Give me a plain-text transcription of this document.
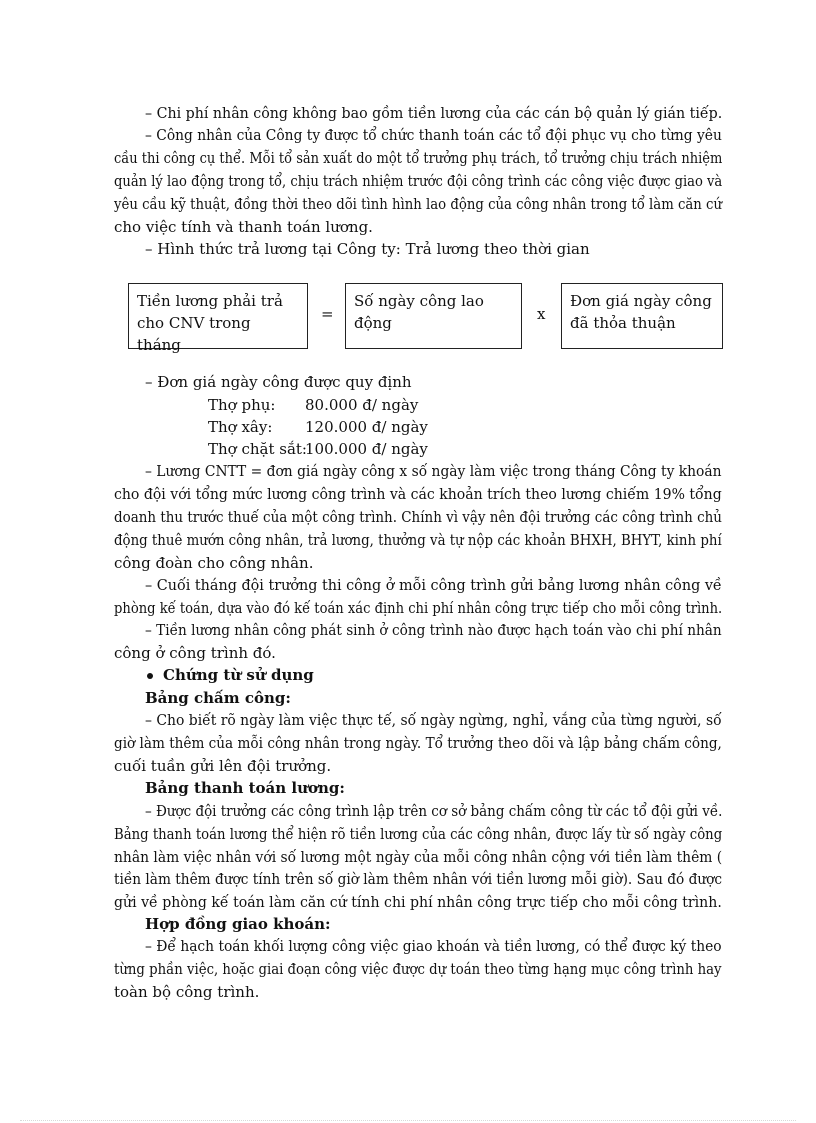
– Chi phí nhân công không bao gồm tiền lương của các cán bộ quản lý gián tiếp.
– Công nhân của Công ty được tổ chức thanh toán các tổ đội phục vụ cho từng yêu
cầu thi công cụ thể. Mỗi tổ sản xuất do một tổ trưởng phụ trách, tổ trưởng chịu trách nhiệm
quản lý lao động trong tổ, chịu trách nhiệm trước đội công trình các công việc được giao và
yêu cầu kỹ thuật, đồng thời theo dõi tình hình lao động của công nhân trong tổ làm căn cứ
cho việc tính và thanh toán lương.
– Hình thức trả lương tại Công ty: Trả lương theo thời gian
Tiền lương phải trả
cho CNV trong tháng
=
Số ngày công lao động	x
Đơn giá ngày công
đã thỏa thuận
– Đơn giá ngày công được quy định
Thợ phụ: 80.000 đ/ ngày
Thợ xây: 120.000 đ/ ngày
Thợ chặt sắt:
100.000 đ/ ngày
– Lương CNTT = đơn giá ngày công x số ngày làm việc trong tháng Công ty khoán
cho đội với tổng mức lương công trình và các khoản trích theo lương chiếm 19% tổng
doanh thu trước thuế của một công trình. Chính vì vậy nên đội trưởng các công trình chủ
động thuê mướn công nhân, trả lương, thưởng và tự nộp các khoản BHXH, BHYT, kinh phí
công đoàn cho công nhân.
– Cuối tháng đội trưởng thi công ở mỗi công trình gửi bảng lương nhân công về
phòng kế toán, dựa vào đó kế toán xác định chi phí nhân công trực tiếp cho mỗi công trình.
– Tiền lương nhân công phát sinh ở công trình nào được hạch toán vào chi phí nhân
công ở công trình đó.
Chứng từ sử dụng
Bảng chấm công:
– Cho biết rõ ngày làm việc thực tế, số ngày ngừng, nghỉ, vắng của từng người, số
giờ làm thêm của mỗi công nhân trong ngày. Tổ trưởng theo dõi và lập bảng chấm công,
cuối tuần gửi lên đội trưởng.
Bảng thanh toán lương:
– Được đội trưởng các công trình lập trên cơ sở bảng chấm công từ các tổ đội gửi về.
Bảng thanh toán lương thể hiện rõ tiền lương của các công nhân, được lấy từ số ngày công
nhân làm việc nhân với số lương một ngày của mỗi công nhân cộng với tiền làm thêm (
tiền làm thêm được tính trên số giờ làm thêm nhân với tiền lương mỗi giờ). Sau đó được
gửi về phòng kế toán làm căn cứ tính chi phí nhân công trực tiếp cho mỗi công trình.
Hợp đồng giao khoán:
– Để hạch toán khối lượng công việc giao khoán và tiền lương, có thể được ký theo
từng phần việc, hoặc giai đoạn công việc được dự toán theo từng hạng mục công trình hay
toàn bộ công trình.
